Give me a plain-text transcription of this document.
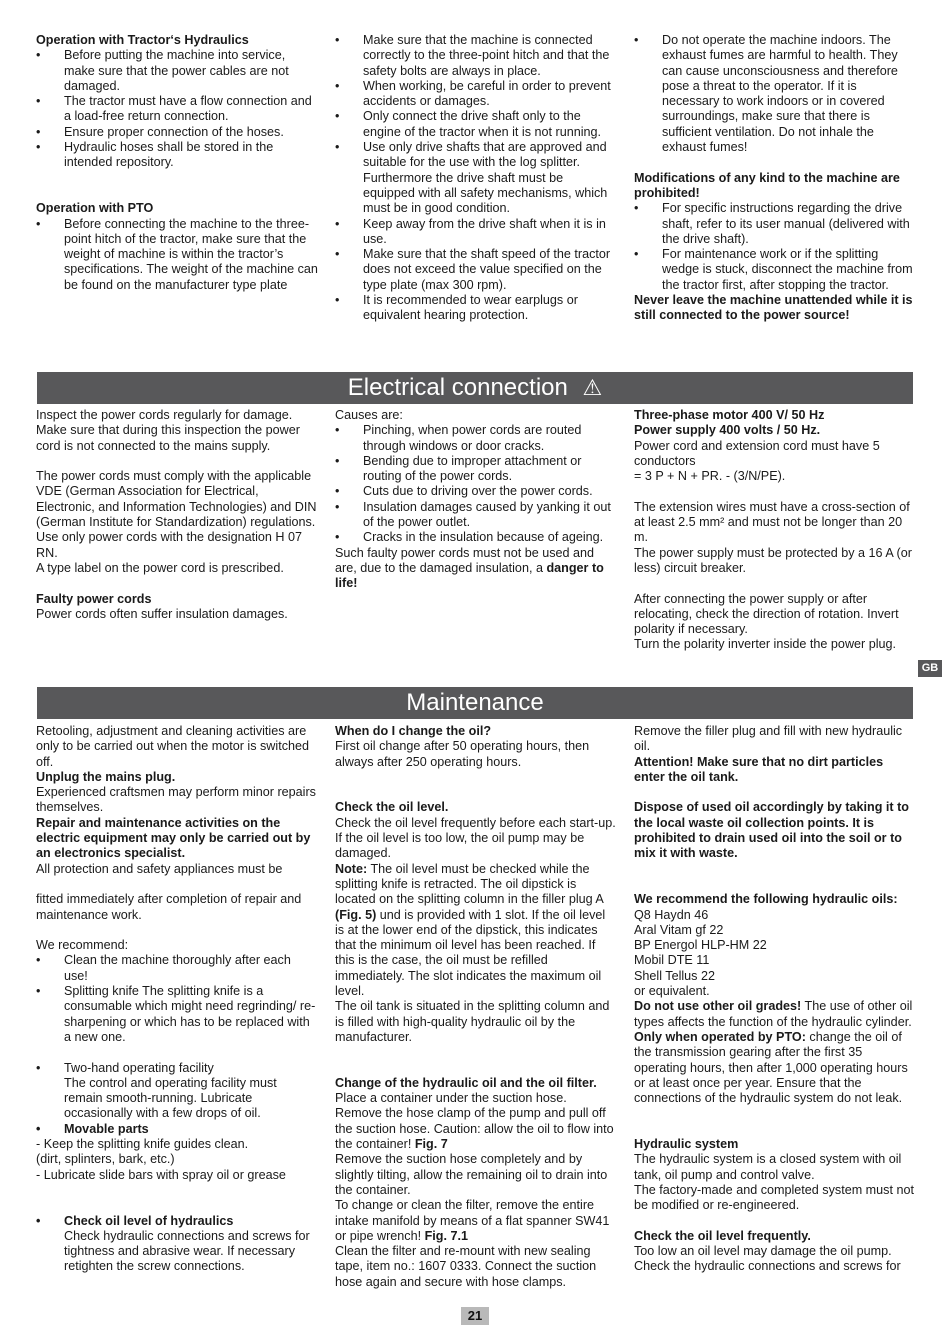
Operation with Tractor‘s Hydraulics

• Before putting the machine into service, make sure that the power cables are not damaged.

• The tractor must have a flow connection and a load-free return connection.

• Ensure proper connection of the hoses.

• Hydraulic hoses shall be stored in the intended repository.

Operation with PTO

• Before connecting the machine to the three-point hitch of the tractor, make sure that the weight of machine is within the tractor’s specifications. The weight of the machine can be found on the manufacturer type plate

• Make sure that the machine is connected correctly to the three-point hitch and that the safety bolts are always in place.

• When working, be careful in order to prevent accidents or damages.

• Only connect the drive shaft only to the engine of the tractor when it is not running.

• Use only drive shafts that are approved and suitable for the use with the log splitter. Furthermore the drive shaft must be equipped with all safety mechanisms, which must be in good condition.

• Keep away from the drive shaft when it is in use.

• Make sure that the shaft speed of the tractor does not exceed the value specified on the type plate (max 300 rpm).

• It is recommended to wear earplugs or equivalent hearing protection.

• Do not operate the machine indoors. The exhaust fumes are harmful to health. They can cause unconsciousness and therefore pose a threat to the operator. If it is necessary to work indoors or in covered surroundings, make sure that there is sufficient ventilation. Do not inhale the exhaust fumes!

Modifications of any kind to the machine are prohibited!

• For specific instructions regarding the drive shaft, refer to its user manual (delivered with the drive shaft).

• For maintenance work or if the splitting wedge is stuck, disconnect the machine from the tractor first, after stopping the tractor.

Never leave the machine unattended while it is still connected to the power source!

Electrical connection ⚠

Inspect the power cords regularly for damage. Make sure that during this inspection the power cord is not connected to the mains supply.

The power cords must comply with the applicable VDE (German Association for Electrical, Electronic, and Information Technologies) and DIN (German Institute for Standardization) regulations. Use only power cords with the designation H 07 RN.

A type label on the power cord is prescribed.

Faulty power cords

Power cords often suffer insulation damages.

Causes are:

• Pinching, when power cords are routed through windows or door cracks.

• Bending due to improper attachment or routing of the power cords.

• Cuts due to driving over the power cords.

• Insulation damages caused by yanking it out of the power outlet.

• Cracks in the insulation because of ageing.

Such faulty power cords must not be used and are, due to the damaged insulation, a danger to life!

Three-phase motor 400 V/ 50 Hz

Power supply 400 volts / 50 Hz.

Power cord and extension cord must have 5 conductors

= 3 P + N + PR. - (3/N/PE).

The extension wires must have a cross-section of at least 2.5 mm² and must not be longer than 20 m.

The power supply must be protected by a 16 A (or less) circuit breaker.

After connecting the power supply or after relocating, check the direction of rotation. Invert polarity if necessary.

Turn the polarity inverter inside the power plug.

GB
Maintenance

Retooling, adjustment and cleaning activities are only to be carried out when the motor is switched off.

Unplug the mains plug.

Experienced craftsmen may perform minor repairs themselves.

Repair and maintenance activities on the electric equipment may only be carried out by an electronics specialist.

All protection and safety appliances must be

fitted immediately after completion of repair and maintenance work.

We recommend:

• Clean the machine thoroughly after each use!

• Splitting knife The splitting knife is a consumable which might need regrinding/ re-sharpening or which has to be replaced with a new one.

• Two-hand operating facility

The control and operating facility must remain smooth-running. Lubricate occasionally with a few drops of oil.

• Movable parts

- Keep the splitting knife guides clean.

(dirt, splinters, bark, etc.)

- Lubricate slide bars with spray oil or grease

• Check oil level of hydraulics

Check hydraulic connections and screws for tightness and abrasive wear. If necessary retighten the screw connections.

When do I change the oil?

First oil change after 50 operating hours, then always after 250 operating hours.

Check the oil level.

Check the oil level frequently before each start-up. If the oil level is too low, the oil pump may be damaged.

Note: The oil level must be checked while the splitting knife is retracted. The oil dipstick is located on the splitting column in the filler plug A (Fig. 5) und is provided with 1 slot. If the oil level is at the lower end of the dipstick, this indicates that the minimum oil level has been reached. If this is the case, the oil must be refilled immediately. The slot indicates the maximum oil level.

The oil tank is situated in the splitting column and is filled with high-quality hydraulic oil by the manufacturer.

Change of the hydraulic oil and the oil filter.

Place a container under the suction hose.

Remove the hose clamp of the pump and pull off the suction hose. Caution: allow the oil to flow into the container! Fig. 7

Remove the suction hose completely and by slightly tilting, allow the remaining oil to drain into the container.

To change or clean the filter, remove the entire intake manifold by means of a flat spanner SW41 or pipe wrench! Fig. 7.1

Clean the filter and re-mount with new sealing tape, item no.: 1607 0333. Connect the suction hose again and secure with hose clamps.

Remove the filler plug and fill with new hydraulic oil.

Attention! Make sure that no dirt particles enter the oil tank.

Dispose of used oil accordingly by taking it to the local waste oil collection points. It is prohibited to drain used oil into the soil or to mix it with waste.

We recommend the following hydraulic oils:

Q8 Haydn 46

Aral Vitam gf 22

BP Energol HLP-HM 22

Mobil DTE 11

Shell Tellus 22

or equivalent.

Do not use other oil grades! The use of other oil types affects the function of the hydraulic cylinder.

Only when operated by PTO: change the oil of the transmission gearing after the first 35 operating hours, then after 1,000 operating hours or at least once per year. Ensure that the connections of the hydraulic system do not leak.

Hydraulic system

The hydraulic system is a closed system with oil tank, oil pump and control valve.

The factory-made and completed system must not be modified or re-engineered.

Check the oil level frequently.

Too low an oil level may damage the oil pump.

Check the hydraulic connections and screws for

21
